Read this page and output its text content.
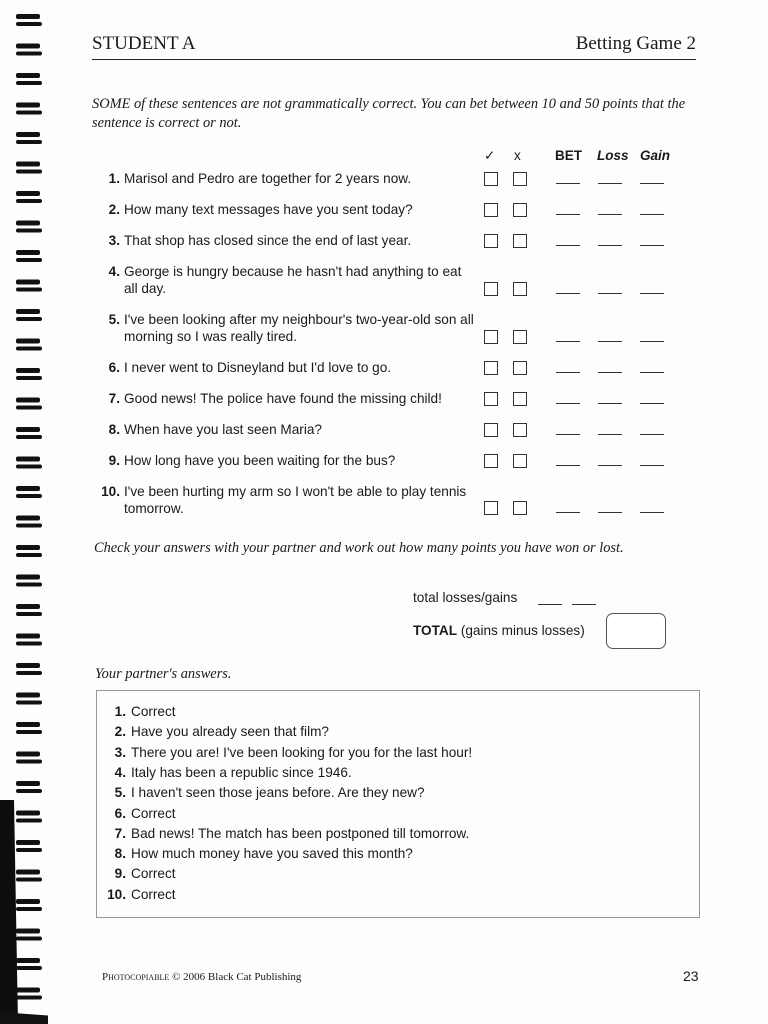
STUDENT A	Betting Game 2
SOME of these sentences are not grammatically correct. You can bet between 10 and 50 points that the sentence is correct or not.
✓ x	BET Loss Gain
1. Marisol and Pedro are together for 2 years now.
2. How many text messages have you sent today?
3. That shop has closed since the end of last year.
4. George is hungry because he hasn't had anything to eat all day.
5. I've been looking after my neighbour's two-year-old son all morning so I was really tired.
6. I never went to Disneyland but I'd love to go.
7. Good news! The police have found the missing child!
8. When have you last seen Maria?
9. How long have you been waiting for the bus?
10. I've been hurting my arm so I won't be able to play tennis tomorrow.
Check your answers with your partner and work out how many points you have won or lost.
total losses/gains
TOTAL (gains minus losses)
Your partner's answers.
1. Correct
2. Have you already seen that film?
3. There you are! I've been looking for you for the last hour!
4. Italy has been a republic since 1946.
5. I haven't seen those jeans before. Are they new?
6. Correct
7. Bad news! The match has been postponed till tomorrow.
8. How much money have you saved this month?
9. Correct
10. Correct
Photocopiable © 2006 Black Cat Publishing	23
